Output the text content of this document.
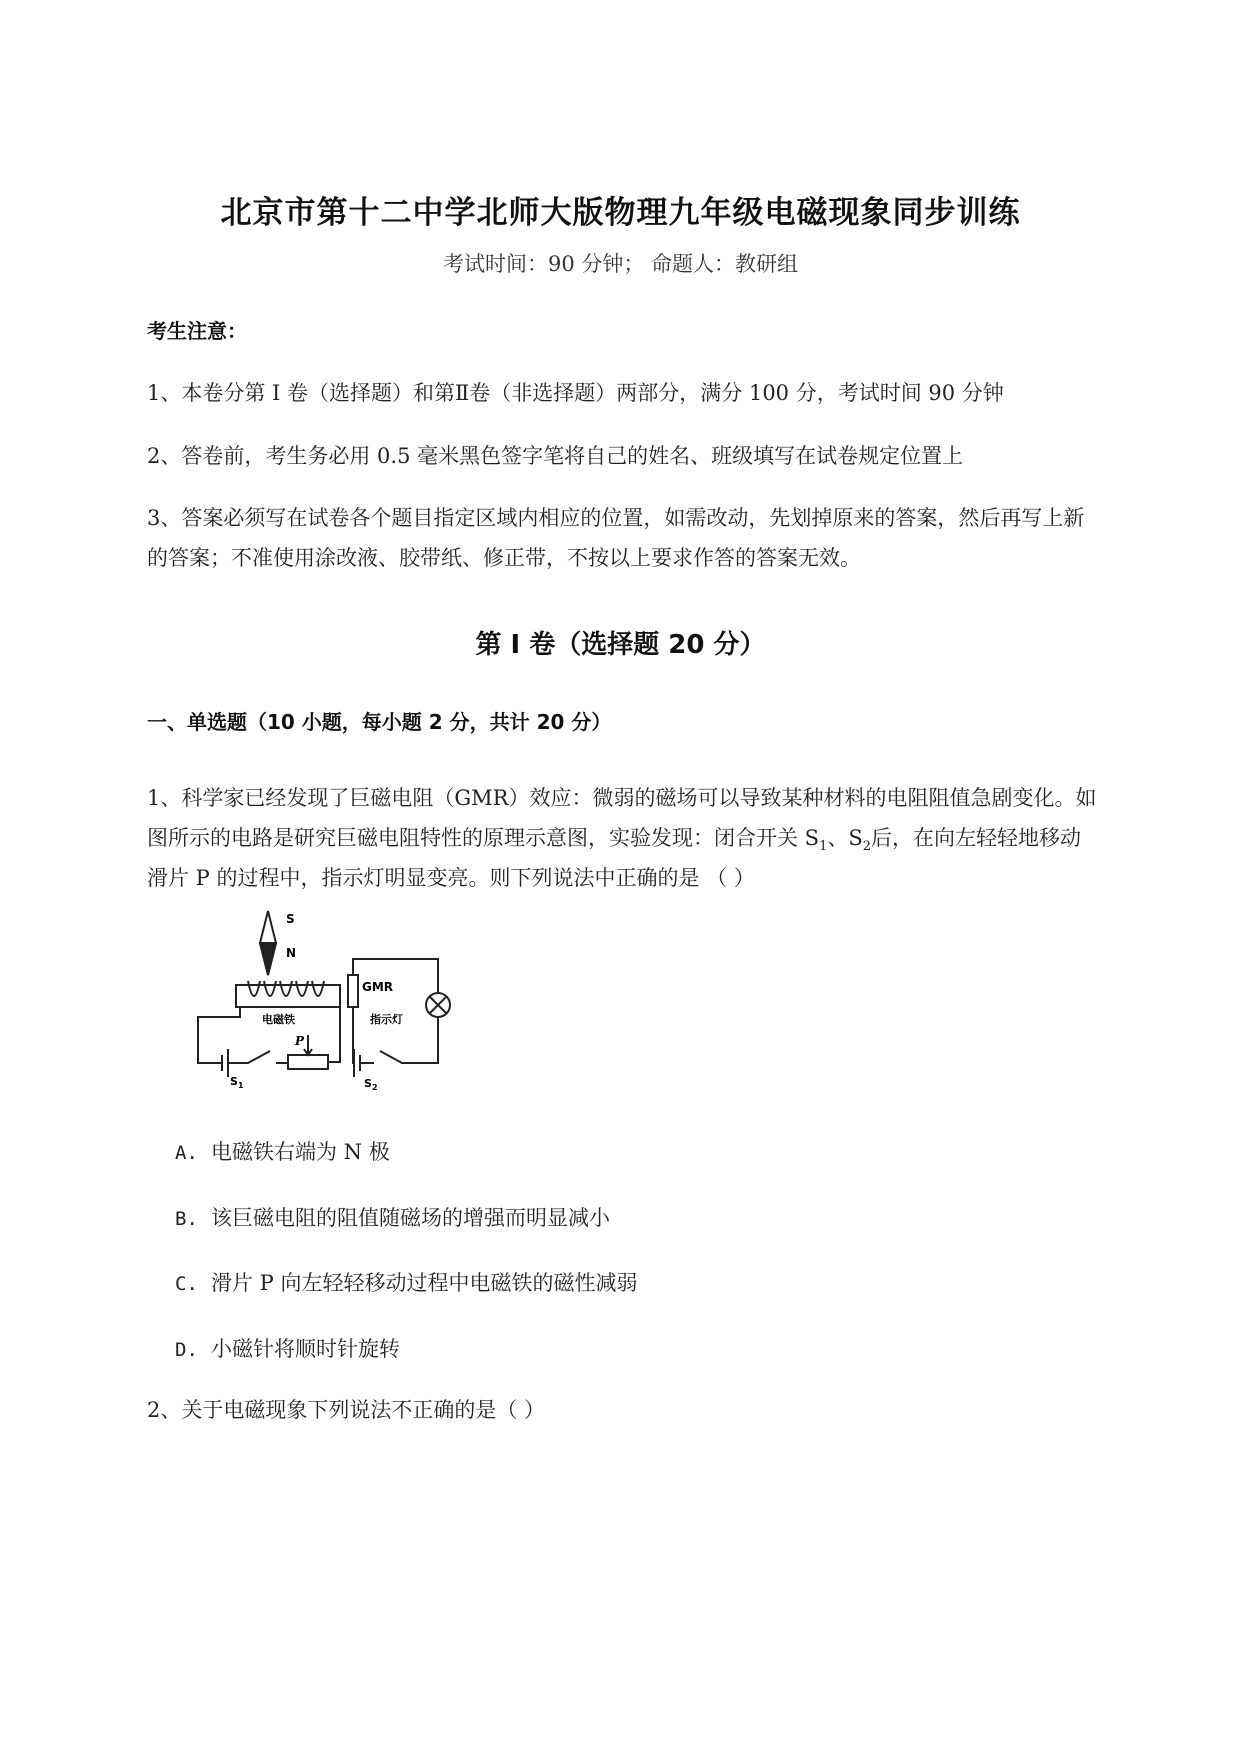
北京市第十二中学北师大版物理九年级电磁现象同步训练
考试时间：90 分钟； 命题人：教研组
考生注意：
1、本卷分第 I 卷（选择题）和第Ⅱ卷（非选择题）两部分，满分 100 分，考试时间 90 分钟
2、答卷前，考生务必用 0.5 毫米黑色签字笔将自己的姓名、班级填写在试卷规定位置上
3、答案必须写在试卷各个题目指定区域内相应的位置，如需改动，先划掉原来的答案，然后再写上新
的答案；不准使用涂改液、胶带纸、修正带，不按以上要求作答的答案无效。
第 I 卷（选择题 20 分）
一、单选题（10 小题，每小题 2 分，共计 20 分）
1、科学家已经发现了巨磁电阻（GMR）效应：微弱的磁场可以导致某种材料的电阻阻值急剧变化。如
图所示的电路是研究巨磁电阻特性的原理示意图，实验发现：闭合开关 $S_1$、$S_2$后，在向左轻轻地移动
滑片 P 的过程中，指示灯明显变亮。则下列说法中正确的是 （ ）
S
N
GMR
电磁铁	指示灯
P
$S_1$	$S_2$
A. 电磁铁右端为 N 极
B. 该巨磁电阻的阻值随磁场的增强而明显减小
C. 滑片 P 向左轻轻移动过程中电磁铁的磁性减弱
D. 小磁针将顺时针旋转
2、关于电磁现象下列说法不正确的是（ ）
